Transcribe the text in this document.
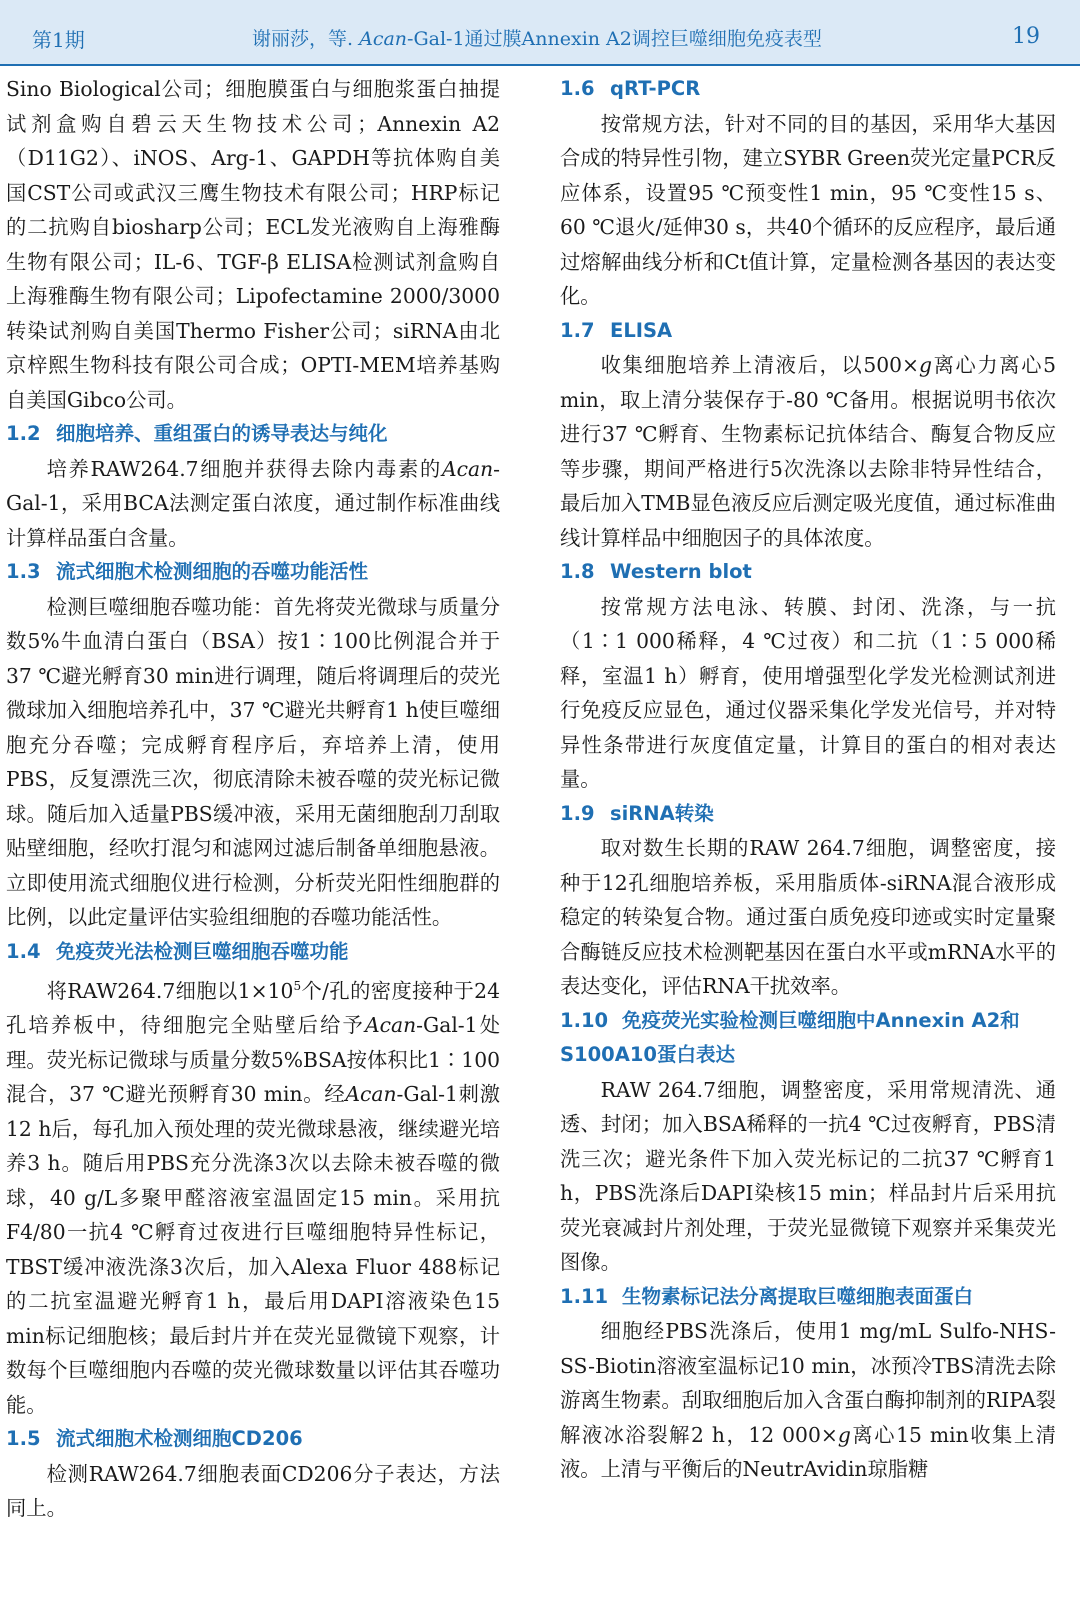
第1期	谢丽莎，等. Acan-Gal-1通过膜Annexin A2调控巨噬细胞免疫表型	19

Sino Biological公司；细胞膜蛋白与细胞浆蛋白抽提试剂盒购自碧云天生物技术公司；Annexin A2（D11G2）、iNOS、Arg-1、GAPDH等抗体购自美国CST公司或武汉三鹰生物技术有限公司；HRP标记的二抗购自biosharp公司；ECL发光液购自上海雅酶生物有限公司；IL-6、TGF-β ELISA检测试剂盒购自上海雅酶生物有限公司；Lipofectamine 2000/3000转染试剂购自美国Thermo Fisher公司；siRNA由北京梓熙生物科技有限公司合成；OPTI-MEM培养基购自美国Gibco公司。

1.2 细胞培养、重组蛋白的诱导表达与纯化

培养RAW264.7细胞并获得去除内毒素的Acan-Gal-1，采用BCA法测定蛋白浓度，通过制作标准曲线计算样品蛋白含量。

1.3 流式细胞术检测细胞的吞噬功能活性

检测巨噬细胞吞噬功能：首先将荧光微球与质量分数5%牛血清白蛋白（BSA）按1∶100比例混合并于37 ℃避光孵育30 min进行调理，随后将调理后的荧光微球加入细胞培养孔中，37 ℃避光共孵育1 h使巨噬细胞充分吞噬；完成孵育程序后，弃培养上清，使用PBS，反复漂洗三次，彻底清除未被吞噬的荧光标记微球。随后加入适量PBS缓冲液，采用无菌细胞刮刀刮取贴壁细胞，经吹打混匀和滤网过滤后制备单细胞悬液。立即使用流式细胞仪进行检测，分析荧光阳性细胞群的比例，以此定量评估实验组细胞的吞噬功能活性。

1.4 免疫荧光法检测巨噬细胞吞噬功能

将RAW264.7细胞以$1\times 10^5$个/孔的密度接种于24孔培养板中，待细胞完全贴壁后给予Acan-Gal-1处理。荧光标记微球与质量分数5%BSA按体积比1∶100混合，37 ℃避光预孵育30 min。经Acan-Gal-1刺激12 h后，每孔加入预处理的荧光微球悬液，继续避光培养3 h。随后用PBS充分洗涤3次以去除未被吞噬的微球，40 g/L多聚甲醛溶液室温固定15 min。采用抗F4/80一抗4 ℃孵育过夜进行巨噬细胞特异性标记，TBST缓冲液洗涤3次后，加入Alexa Fluor 488标记的二抗室温避光孵育1 h，最后用DAPI溶液染色15 min标记细胞核；最后封片并在荧光显微镜下观察，计数每个巨噬细胞内吞噬的荧光微球数量以评估其吞噬功能。

1.5 流式细胞术检测细胞CD206

检测RAW264.7细胞表面CD206分子表达，方法同上。

1.6 qRT-PCR

按常规方法，针对不同的目的基因，采用华大基因合成的特异性引物，建立SYBR Green荧光定量PCR反应体系，设置95 ℃预变性1 min，95 ℃变性15 s、60 ℃退火/延伸30 s，共40个循环的反应程序，最后通过熔解曲线分析和Ct值计算，定量检测各基因的表达变化。

1.7 ELISA

收集细胞培养上清液后，以500×g离心力离心5 min，取上清分装保存于-80 ℃备用。根据说明书依次进行37 ℃孵育、生物素标记抗体结合、酶复合物反应等步骤，期间严格进行5次洗涤以去除非特异性结合，最后加入TMB显色液反应后测定吸光度值，通过标准曲线计算样品中细胞因子的具体浓度。

1.8 Western blot

按常规方法电泳、转膜、封闭、洗涤，与一抗（1∶1 000稀释，4 ℃过夜）和二抗（1∶5 000稀释，室温1 h）孵育，使用增强型化学发光检测试剂进行免疫反应显色，通过仪器采集化学发光信号，并对特异性条带进行灰度值定量，计算目的蛋白的相对表达量。

1.9 siRNA转染

取对数生长期的RAW 264.7细胞，调整密度，接种于12孔细胞培养板，采用脂质体-siRNA混合液形成稳定的转染复合物。通过蛋白质免疫印迹或实时定量聚合酶链反应技术检测靶基因在蛋白水平或mRNA水平的表达变化，评估RNA干扰效率。

1.10 免疫荧光实验检测巨噬细胞中Annexin A2和S100A10蛋白表达

RAW 264.7细胞，调整密度，采用常规清洗、通透、封闭；加入BSA稀释的一抗4 ℃过夜孵育，PBS清洗三次；避光条件下加入荧光标记的二抗37 ℃孵育1 h，PBS洗涤后DAPI染核15 min；样品封片后采用抗荧光衰减封片剂处理，于荧光显微镜下观察并采集荧光图像。

1.11 生物素标记法分离提取巨噬细胞表面蛋白

细胞经PBS洗涤后，使用1 mg/mL Sulfo-NHS-SS-Biotin溶液室温标记10 min，冰预冷TBS清洗去除游离生物素。刮取细胞后加入含蛋白酶抑制剂的RIPA裂解液冰浴裂解2 h，12 000×g离心15 min收集上清液。上清与平衡后的NeutrAvidin琼脂糖
